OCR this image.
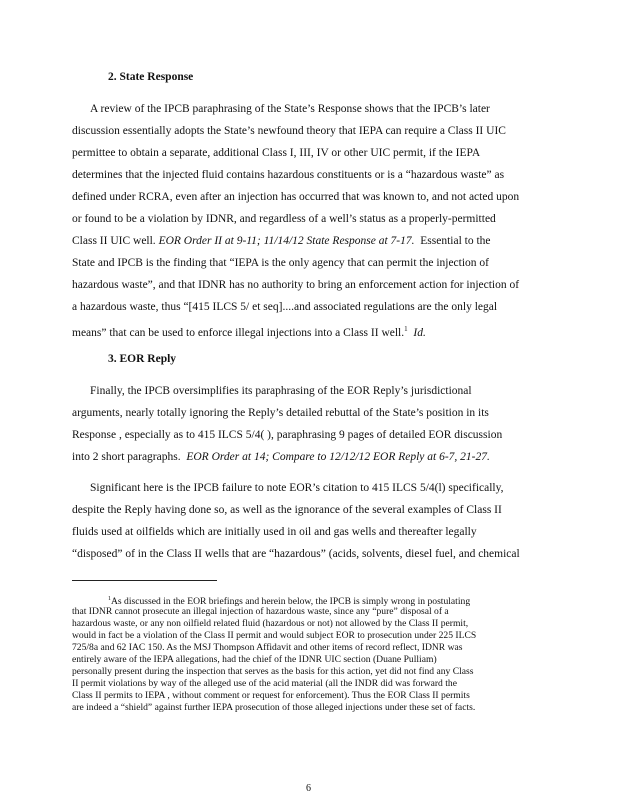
2. State Response
A review of the IPCB paraphrasing of the State’s Response shows that the IPCB’s later
discussion essentially adopts the State’s newfound theory that IEPA can require a Class II UIC
permittee to obtain a separate, additional Class I, III, IV or other UIC permit, if the IEPA
determines that the injected fluid contains hazardous constituents or is a “hazardous waste” as
defined under RCRA, even after an injection has occurred that was known to, and not acted upon
or found to be a violation by IDNR, and regardless of a well’s status as a properly-permitted
Class II UIC well. EOR Order II at 9-11; 11/14/12 State Response at 7-17. Essential to the
State and IPCB is the finding that “IEPA is the only agency that can permit the injection of
hazardous waste”, and that IDNR has no authority to bring an enforcement action for injection of
a hazardous waste, thus “[415 ILCS 5/ et seq]....and associated regulations are the only legal
means” that can be used to enforce illegal injections into a Class II well.$^1$ Id.
3. EOR Reply
Finally, the IPCB oversimplifies its paraphrasing of the EOR Reply’s jurisdictional
arguments, nearly totally ignoring the Reply’s detailed rebuttal of the State’s position in its
Response , especially as to 415 ILCS 5/4( ), paraphrasing 9 pages of detailed EOR discussion
into 2 short paragraphs. EOR Order at 14; Compare to 12/12/12 EOR Reply at 6-7, 21-27.
Significant here is the IPCB failure to note EOR’s citation to 415 ILCS 5/4(l) specifically,
despite the Reply having done so, as well as the ignorance of the several examples of Class II
fluids used at oilfields which are initially used in oil and gas wells and thereafter legally
“disposed” of in the Class II wells that are “hazardous” (acids, solvents, diesel fuel, and chemical
$^1$As discussed in the EOR briefings and herein below, the IPCB is simply wrong in postulating
that IDNR cannot prosecute an illegal injection of hazardous waste, since any “pure” disposal of a
hazardous waste, or any non oilfield related fluid (hazardous or not) not allowed by the Class II permit,
would in fact be a violation of the Class II permit and would subject EOR to prosecution under 225 ILCS
725/8a and 62 IAC 150. As the MSJ Thompson Affidavit and other items of record reflect, IDNR was
entirely aware of the IEPA allegations, had the chief of the IDNR UIC section (Duane Pulliam)
personally present during the inspection that serves as the basis for this action, yet did not find any Class
II permit violations by way of the alleged use of the acid material (all the INDR did was forward the
Class II permits to IEPA , without comment or request for enforcement). Thus the EOR Class II permits
are indeed a “shield” against further IEPA prosecution of those alleged injections under these set of facts.
6
